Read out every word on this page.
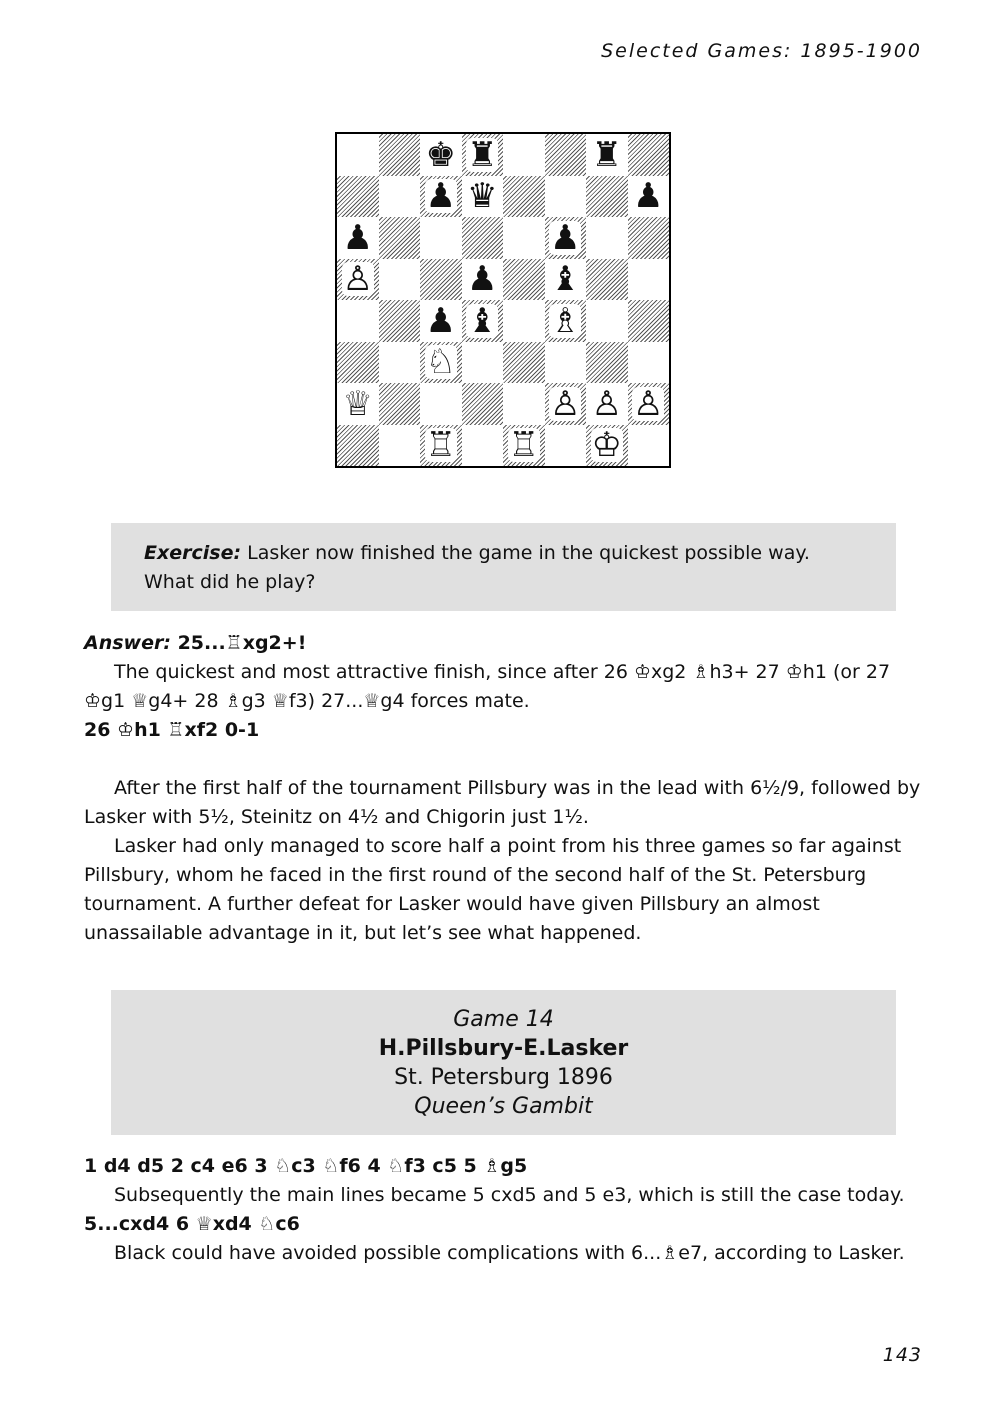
Selected Games: 1895-1900
♚ ♜	♜
♟ ♛	♟
♟	♟
♙	♟ ♝
♟ ♝ ♗
♘
♕	♙ ♙ ♙
♖ ♖ ♔
Exercise: Lasker now finished the game in the quickest possible way.
What did he play?

Answer: 25...♖xg2+!

The quickest and most attractive finish, since after 26 ♔xg2 ♗h3+ 27 ♔h1 (or 27 ♔g1 ♕g4+ 28 ♗g3 ♕f3) 27...♕g4 forces mate.

26 ♔h1 ♖xf2 0-1

After the first half of the tournament Pillsbury was in the lead with 6½/9, followed by Lasker with 5½, Steinitz on 4½ and Chigorin just 1½.

Lasker had only managed to score half a point from his three games so far against Pillsbury, whom he faced in the first round of the second half of the St. Petersburg tournament. A further defeat for Lasker would have given Pillsbury an almost unassailable advantage in it, but let’s see what happened.

Game 14
H.Pillsbury-E.Lasker
St. Petersburg 1896
Queen’s Gambit

1 d4 d5 2 c4 e6 3 ♘c3 ♘f6 4 ♘f3 c5 5 ♗g5

Subsequently the main lines became 5 cxd5 and 5 e3, which is still the case today.

5...cxd4 6 ♕xd4 ♘c6

Black could have avoided possible complications with 6...♗e7, according to Lasker.

143
